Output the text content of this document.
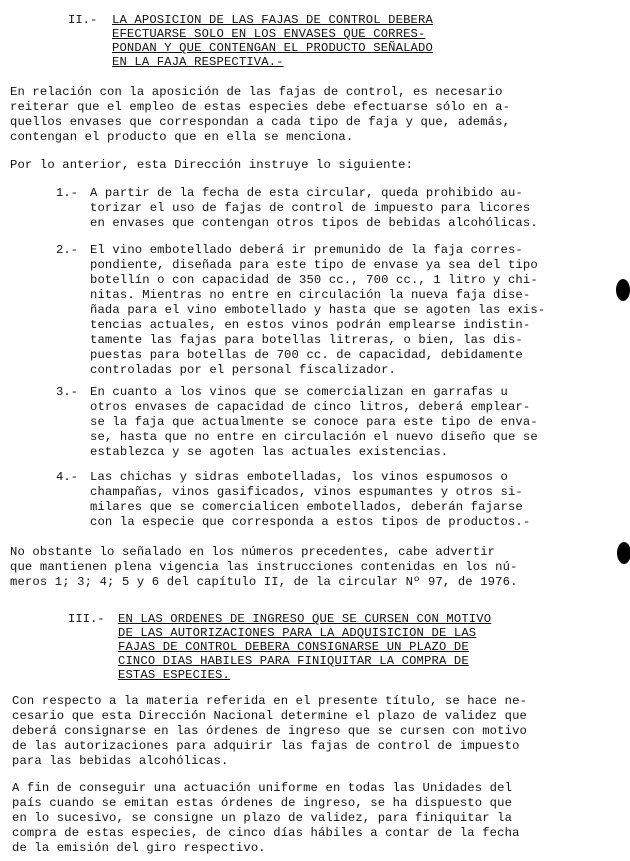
II.- LA APOSICION DE LAS FAJAS DE CONTROL DEBERA

EFECTUARSE SOLO EN LOS ENVASES QUE CORRES-

PONDAN Y QUE CONTENGAN EL PRODUCTO SEÑALADO

EN LA FAJA RESPECTIVA.-

En relación con la aposición de las fajas de control, es necesario

reiterar que el empleo de estas especies debe efectuarse sólo en a-

quellos envases que correspondan a cada tipo de faja y que, además,

contengan el producto que en ella se menciona.

Por lo anterior, esta Dirección instruye lo siguiente:

1.- A partir de la fecha de esta circular, queda prohibido au-

torizar el uso de fajas de control de impuesto para licores

en envases que contengan otros tipos de bebidas alcohólicas.

2.- El vino embotellado deberá ir premunido de la faja corres-

pondiente, diseñada para este tipo de envase ya sea del tipo

botellín o con capacidad de 350 cc., 700 cc., 1 litro y chi-

nitas. Mientras no entre en circulación la nueva faja dise-

ñada para el vino embotellado y hasta que se agoten las exis-

tencias actuales, en estos vinos podrán emplearse indistin-

tamente las fajas para botellas litreras, o bien, las dis-

puestas para botellas de 700 cc. de capacidad, debidamente

controladas por el personal fiscalizador.

3.- En cuanto a los vinos que se comercializan en garrafas u

otros envases de capacidad de cinco litros, deberá emplear-

se la faja que actualmente se conoce para este tipo de enva-

se, hasta que no entre en circulación el nuevo diseño que se

establezca y se agoten las actuales existencias.

4.- Las chichas y sidras embotelladas, los vinos espumosos o

champañas, vinos gasificados, vinos espumantes y otros si-

milares que se comercialicen embotellados, deberán fajarse

con la especie que corresponda a estos tipos de productos.-

No obstante lo señalado en los números precedentes, cabe advertir

que mantienen plena vigencia las instrucciones contenidas en los nú-

meros 1; 3; 4; 5 y 6 del capítulo II, de la circular Nº 97, de 1976.

III.- EN LAS ORDENES DE INGRESO QUE SE CURSEN CON MOTIVO

DE LAS AUTORIZACIONES PARA LA ADQUISICION DE LAS

FAJAS DE CONTROL DEBERA CONSIGNARSE UN PLAZO DE

CINCO DIAS HABILES PARA FINIQUITAR LA COMPRA DE

ESTAS ESPECIES.

Con respecto a la materia referida en el presente título, se hace ne-

cesario que esta Dirección Nacional determine el plazo de validez que

deberá consignarse en las órdenes de ingreso que se cursen con motivo

de las autorizaciones para adquirir las fajas de control de impuesto

para las bebidas alcohólicas.

A fin de conseguir una actuación uniforme en todas las Unidades del

país cuando se emitan estas órdenes de ingreso, se ha dispuesto que

en lo sucesivo, se consigne un plazo de validez, para finiquitar la

compra de estas especies, de cinco días hábiles a contar de la fecha

de la emisión del giro respectivo.
